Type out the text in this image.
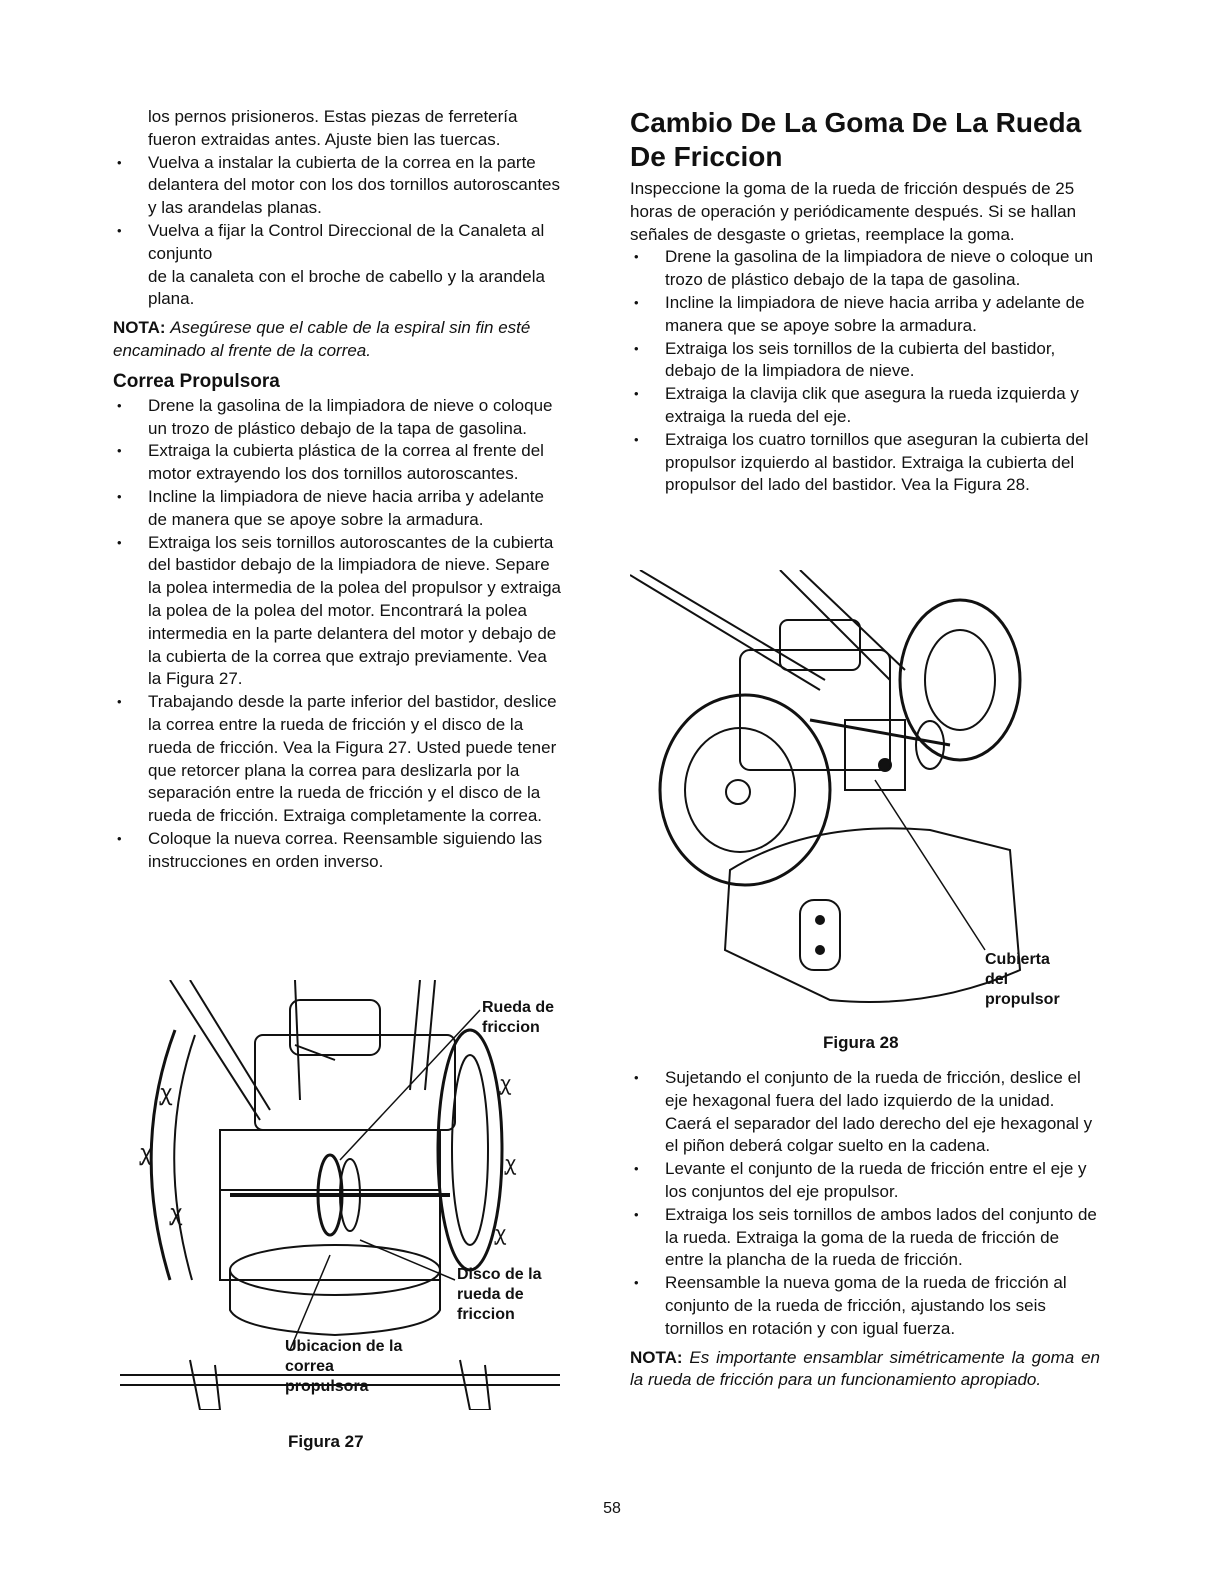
los pernos prisioneros. Estas piezas de ferretería fueron extraidas antes. Ajuste bien las tuercas.

• Vuelva a instalar la cubierta de la correa en la parte delantera del motor con los dos tornillos autoroscantes y las arandelas planas.
• Vuelva a fijar la Control Direccional de la Canaleta al conjunto

de la canaleta con el broche de cabello y la arandela plana.

NOTA: Asegúrese que el cable de la espiral sin fin esté encaminado al frente de la correa.

Correa Propulsora
• Drene la gasolina de la limpiadora de nieve o coloque un trozo de plástico debajo de la tapa de gasolina.
• Extraiga la cubierta plástica de la correa al frente del motor extrayendo los dos tornillos autoroscantes.
• Incline la limpiadora de nieve hacia arriba y adelante de manera que se apoye sobre la armadura.
• Extraiga los seis tornillos autoroscantes de la cubierta del bastidor debajo de la limpiadora de nieve. Separe la polea intermedia de la polea del propulsor y extraiga la polea de la polea del motor. Encontrará la polea intermedia en la parte delantera del motor y debajo de la cubierta de la correa que extrajo previamente. Vea la Figura 27.
• Trabajando desde la parte inferior del bastidor, deslice la correa entre la rueda de fricción y el disco de la rueda de fricción. Vea la Figura 27. Usted puede tener que retorcer plana la correa para deslizarla por la separación entre la rueda de fricción y el disco de la rueda de fricción. Extraiga completamente la correa.
• Coloque la nueva correa. Reensamble siguiendo las instrucciones en orden inverso.
ꭕ
ꭕ
ꭕ
ꭕ
ꭕ
ꭕ
Rueda de
friccion
Disco de la
rueda de
friccion
Ubicacion de la
correa
propulsora
Figura 27
Cambio De La Goma De La Rueda De Friccion

Inspeccione la goma de la rueda de fricción después de 25 horas de operación y periódicamente después. Si se hallan señales de desgaste o grietas, reemplace la goma.

• Drene la gasolina de la limpiadora de nieve o coloque un trozo de plástico debajo de la tapa de gasolina.
• Incline la limpiadora de nieve hacia arriba y adelante de manera que se apoye sobre la armadura.
• Extraiga los seis tornillos de la cubierta del bastidor, debajo de la limpiadora de nieve.
• Extraiga la clavija clik que asegura la rueda izquierda y extraiga la rueda del eje.
• Extraiga los cuatro tornillos que aseguran la cubierta del propulsor izquierdo al bastidor. Extraiga la cubierta del propulsor del lado del bastidor. Vea la Figura 28.
Cubierta
del
propulsor
Figura 28
• Sujetando el conjunto de la rueda de fricción, deslice el eje hexagonal fuera del lado izquierdo de la unidad. Caerá el separador del lado derecho del eje hexagonal y el piñon deberá colgar suelto en la cadena.
• Levante el conjunto de la rueda de fricción entre el eje y los conjuntos del eje propulsor.
• Extraiga los seis tornillos de ambos lados del conjunto de la rueda. Extraiga la goma de la rueda de fricción de entre la plancha de la rueda de fricción.
• Reensamble la nueva goma de la rueda de fricción al conjunto de la rueda de fricción, ajustando los seis tornillos en rotación y con igual fuerza.

NOTA: Es importante ensamblar simétricamente la goma en la rueda de fricción para un funcionamiento apropiado.

58
